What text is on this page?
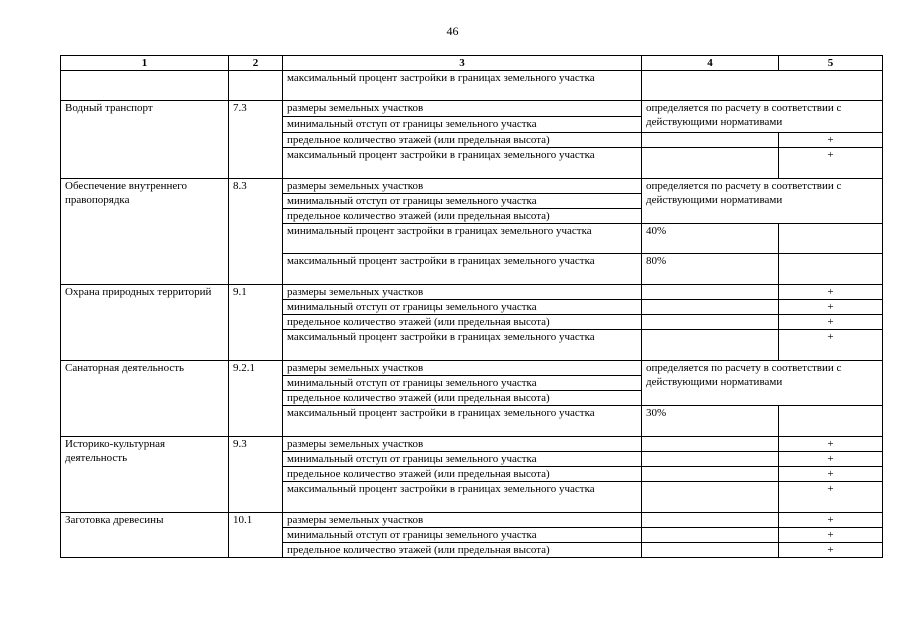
46
1	2	3	4	5
		максимальный процент застройки в границах земельного участка		
Водный транспорт	7.3	размеры земельных участков	определяется по расчету в соответствии с действующими нормативами	
		минимальный отступ от границы земельного участка		
		предельное количество этажей (или предельная высота)		+
		максимальный процент застройки в границах земельного участка		+
Обеспечение внутреннего правопорядка	8.3	размеры земельных участков	определяется по расчету в соответствии с действующими нормативами	
		минимальный отступ от границы земельного участка		
		предельное количество этажей (или предельная высота)		
		минимальный процент застройки в границах земельного участка	40%	
		максимальный процент застройки в границах земельного участка	80%	
Охрана природных территорий	9.1	размеры земельных участков		+
		минимальный отступ от границы земельного участка		+
		предельное количество этажей (или предельная высота)		+
		максимальный процент застройки в границах земельного участка		+
Санаторная деятельность	9.2.1	размеры земельных участков	определяется по расчету в соответствии с действующими нормативами	
		минимальный отступ от границы земельного участка		
		предельное количество этажей (или предельная высота)		
		максимальный процент застройки в границах земельного участка	30%	
Историко-культурная деятельность	9.3	размеры земельных участков		+
		минимальный отступ от границы земельного участка		+
		предельное количество этажей (или предельная высота)		+
		максимальный процент застройки в границах земельного участка		+
Заготовка древесины	10.1	размеры земельных участков		+
		минимальный отступ от границы земельного участка		+
		предельное количество этажей (или предельная высота)		+
